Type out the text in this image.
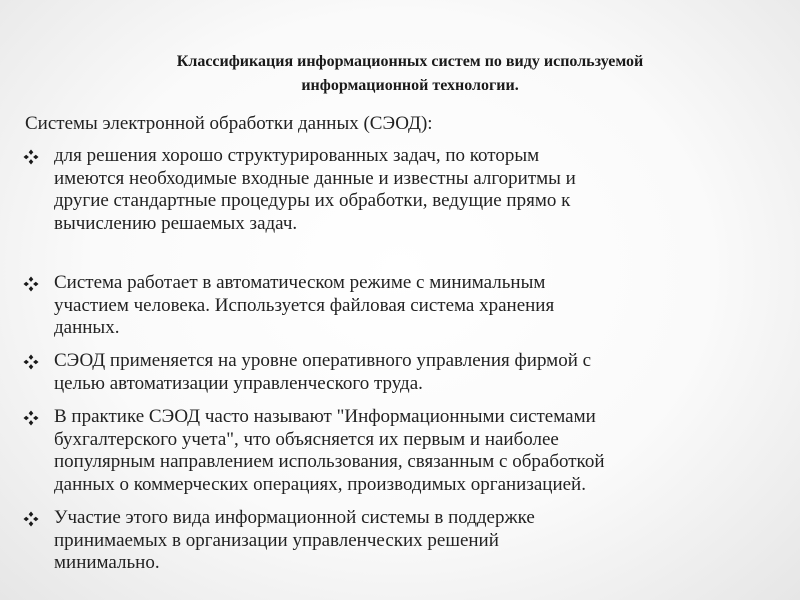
Классификация информационных систем по виду используемой
информационной технологии.

Системы электронной обработки данных (СЭОД):

для решения хорошо структурированных задач, по которым
имеются необходимые входные данные и известны алгоритмы и
другие стандартные процедуры их обработки, ведущие прямо к
вычислению решаемых задач.

Система работает в автоматическом режиме с минимальным
участием человека. Используется файловая система хранения
данных.

СЭОД применяется на уровне оперативного управления фирмой с
целью автоматизации управленческого труда.

В практике СЭОД часто называют "Информационными системами
бухгалтерского учета", что объясняется их первым и наиболее
популярным направлением использования, связанным с обработкой
данных о коммерческих операциях, производимых организацией.

Участие этого вида информационной системы в поддержке
принимаемых в организации управленческих решений
минимально.
